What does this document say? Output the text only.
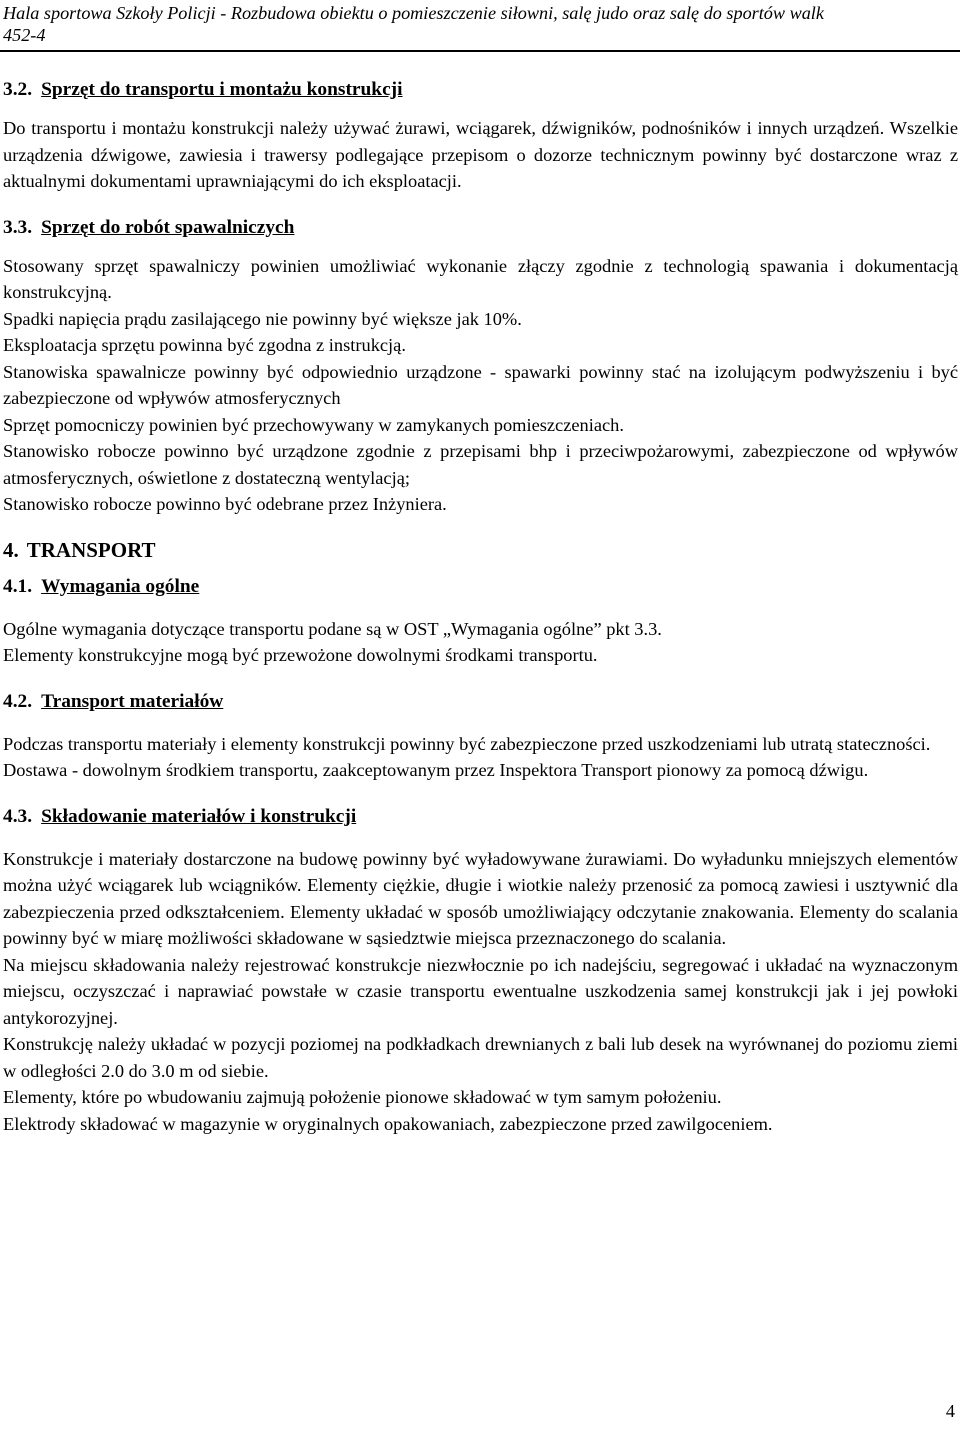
Hala sportowa Szkoły Policji - Rozbudowa obiektu o pomieszczenie siłowni, salę judo oraz salę do sportów walk
452-4
3.2. Sprzęt do transportu i montażu konstrukcji

Do transportu i montażu konstrukcji należy używać żurawi, wciągarek, dźwigników, podnośników i innych urządzeń. Wszelkie urządzenia dźwigowe, zawiesia i trawersy podlegające przepisom o dozorze technicznym powinny być dostarczone wraz z aktualnymi dokumentami uprawniającymi do ich eksploatacji.

3.3. Sprzęt do robót spawalniczych

Stosowany sprzęt spawalniczy powinien umożliwiać wykonanie złączy zgodnie z technologią spawania i dokumentacją konstrukcyjną.

Spadki napięcia prądu zasilającego nie powinny być większe jak 10%.

Eksploatacja sprzętu powinna być zgodna z instrukcją.

Stanowiska spawalnicze powinny być odpowiednio urządzone - spawarki powinny stać na izolującym podwyższeniu i być zabezpieczone od wpływów atmosferycznych

Sprzęt pomocniczy powinien być przechowywany w zamykanych pomieszczeniach.

Stanowisko robocze powinno być urządzone zgodnie z przepisami bhp i przeciwpożarowymi, zabezpieczone od wpływów atmosferycznych, oświetlone z dostateczną wentylacją;

Stanowisko robocze powinno być odebrane przez Inżyniera.

4. TRANSPORT
4.1. Wymagania ogólne

Ogólne wymagania dotyczące transportu podane są w OST „Wymagania ogólne” pkt 3.3.

Elementy konstrukcyjne mogą być przewożone dowolnymi środkami transportu.

4.2. Transport materiałów

Podczas transportu materiały i elementy konstrukcji powinny być zabezpieczone przed uszkodzeniami lub utratą stateczności.

Dostawa - dowolnym środkiem transportu, zaakceptowanym przez Inspektora Transport pionowy za pomocą dźwigu.

4.3. Składowanie materiałów i konstrukcji

Konstrukcje i materiały dostarczone na budowę powinny być wyładowywane żurawiami. Do wyładunku mniejszych elementów można użyć wciągarek lub wciągników. Elementy ciężkie, długie i wiotkie należy przenosić za pomocą zawiesi i usztywnić dla zabezpieczenia przed odkształceniem. Elementy układać w sposób umożliwiający odczytanie znakowania. Elementy do scalania powinny być w miarę możliwości składowane w sąsiedztwie miejsca przeznaczonego do scalania.

Na miejscu składowania należy rejestrować konstrukcje niezwłocznie po ich nadejściu, segregować i układać na wyznaczonym miejscu, oczyszczać i naprawiać powstałe w czasie transportu ewentualne uszkodzenia samej konstrukcji jak i jej powłoki antykorozyjnej.

Konstrukcję należy układać w pozycji poziomej na podkładkach drewnianych z bali lub desek na wyrównanej do poziomu ziemi w odległości 2.0 do 3.0 m od siebie.

Elementy, które po wbudowaniu zajmują położenie pionowe składować w tym samym położeniu.

Elektrody składować w magazynie w oryginalnych opakowaniach, zabezpieczone przed zawilgoceniem.

4
